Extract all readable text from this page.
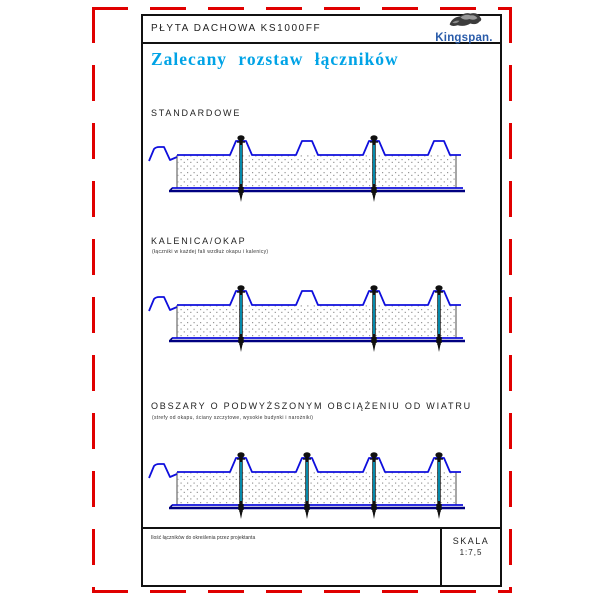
PŁYTA DACHOWA KS1000FF
Kingspan.
Zalecany rozstaw łączników
STANDARDOWE
KALENICA/OKAP
(łączniki w każdej fali wzdłuż okapu i kalenicy)
OBSZARY O PODWYŻSZONYM OBCIĄŻENIU OD WIATRU
(strefy od okapu, ściany szczytowe, wysokie budynki i narożniki)
Ilość łączników do określenia przez projektanta	SKALA
1:7,5
